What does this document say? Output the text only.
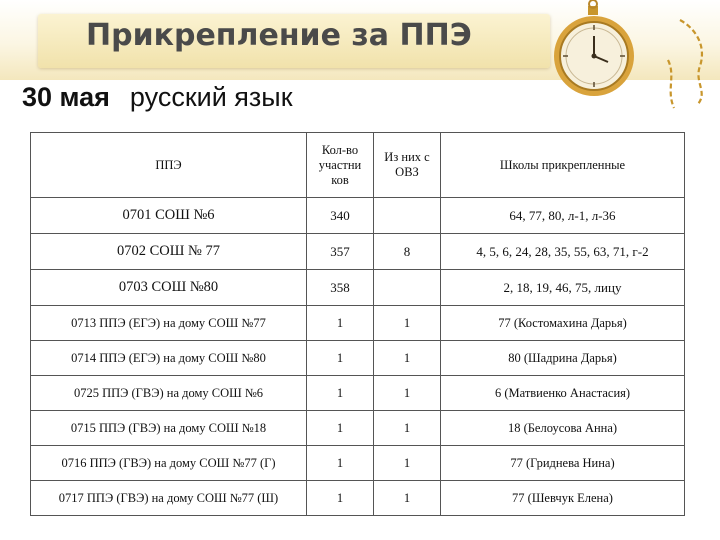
Прикрепление за ППЭ
30 мая русский язык
ППЭ	Кол-во участни ков	Из них с ОВЗ	Школы прикрепленные
0701 СОШ №6	340		64, 77, 80, л-1, л-36
0702 СОШ № 77	357	8	4, 5, 6, 24, 28, 35, 55, 63, 71, г-2
0703 СОШ №80	358		2, 18, 19, 46, 75, лицу
0713 ППЭ (ЕГЭ) на дому СОШ №77	1	1	77 (Костомахина Дарья)
0714 ППЭ (ЕГЭ) на дому СОШ №80	1	1	80 (Шадрина Дарья)
0725 ППЭ (ГВЭ) на дому СОШ №6	1	1	6 (Матвиенко Анастасия)
0715 ППЭ (ГВЭ) на дому СОШ №18	1	1	18 (Белоусова Анна)
0716 ППЭ (ГВЭ) на дому СОШ №77 (Г)	1	1	77 (Гриднева Нина)
0717 ППЭ (ГВЭ) на дому СОШ №77 (Ш)	1	1	77 (Шевчук Елена)
